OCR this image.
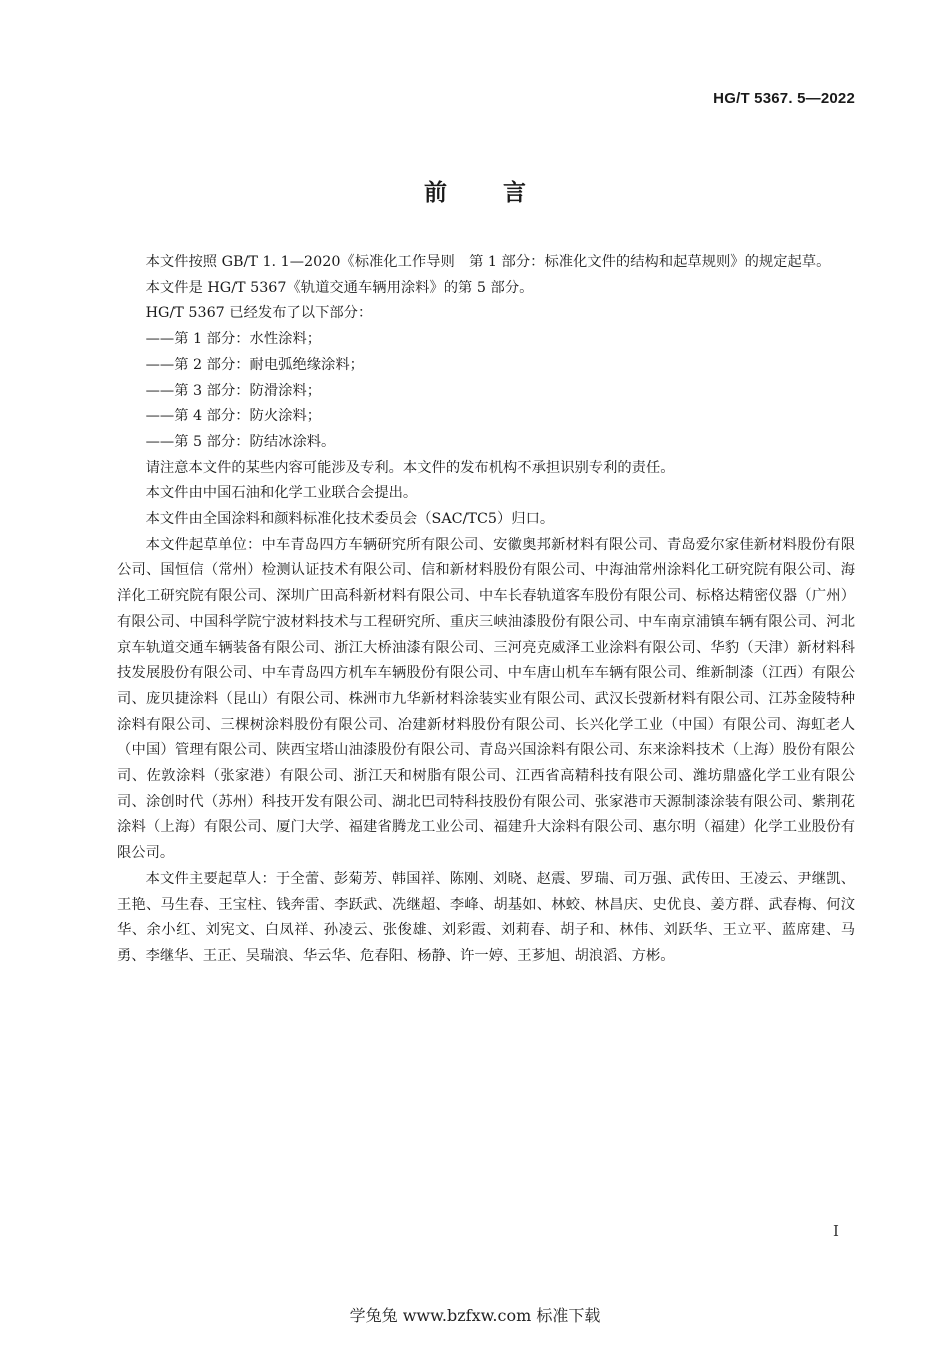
HG/T 5367. 5—2022
前言

本文件按照 GB/T 1. 1—2020《标准化工作导则　第 1 部分：标准化文件的结构和起草规则》的规定起草。

本文件是 HG/T 5367《轨道交通车辆用涂料》的第 5 部分。

HG/T 5367 已经发布了以下部分：

——第 1 部分：水性涂料；

——第 2 部分：耐电弧绝缘涂料；

——第 3 部分：防滑涂料；

——第 4 部分：防火涂料；

——第 5 部分：防结冰涂料。

请注意本文件的某些内容可能涉及专利。本文件的发布机构不承担识别专利的责任。

本文件由中国石油和化学工业联合会提出。

本文件由全国涂料和颜料标准化技术委员会（SAC/TC5）归口。

本文件起草单位：中车青岛四方车辆研究所有限公司、安徽奥邦新材料有限公司、青岛爱尔家佳新材料股份有限公司、国恒信（常州）检测认证技术有限公司、信和新材料股份有限公司、中海油常州涂料化工研究院有限公司、海洋化工研究院有限公司、深圳广田高科新材料有限公司、中车长春轨道客车股份有限公司、标格达精密仪器（广州）有限公司、中国科学院宁波材料技术与工程研究所、重庆三峡油漆股份有限公司、中车南京浦镇车辆有限公司、河北京车轨道交通车辆装备有限公司、浙江大桥油漆有限公司、三河亮克威泽工业涂料有限公司、华豹（天津）新材料科技发展股份有限公司、中车青岛四方机车车辆股份有限公司、中车唐山机车车辆有限公司、维新制漆（江西）有限公司、庞贝捷涂料（昆山）有限公司、株洲市九华新材料涂装实业有限公司、武汉长弢新材料有限公司、江苏金陵特种涂料有限公司、三棵树涂料股份有限公司、冶建新材料股份有限公司、长兴化学工业（中国）有限公司、海虹老人（中国）管理有限公司、陕西宝塔山油漆股份有限公司、青岛兴国涂料有限公司、东来涂料技术（上海）股份有限公司、佐敦涂料（张家港）有限公司、浙江天和树脂有限公司、江西省高精科技有限公司、潍坊鼎盛化学工业有限公司、涂创时代（苏州）科技开发有限公司、湖北巴司特科技股份有限公司、张家港市天源制漆涂装有限公司、紫荆花涂料（上海）有限公司、厦门大学、福建省腾龙工业公司、福建升大涂料有限公司、惠尔明（福建）化学工业股份有限公司。

本文件主要起草人：于全蕾、彭菊芳、韩国祥、陈刚、刘晓、赵震、罗瑞、司万强、武传田、王凌云、尹继凯、王艳、马生春、王宝柱、钱奔雷、李跃武、冼继超、李峰、胡基如、林蛟、林昌庆、史优良、姜方群、武春梅、何汶华、余小红、刘宪文、白凤祥、孙凌云、张俊雄、刘彩霞、刘莉春、胡子和、林伟、刘跃华、王立平、蓝席建、马勇、李继华、王正、吴瑞浪、华云华、危春阳、杨静、许一婷、王芗旭、胡浪滔、方彬。

I
学兔兔 www.bzfxw.com 标准下载
